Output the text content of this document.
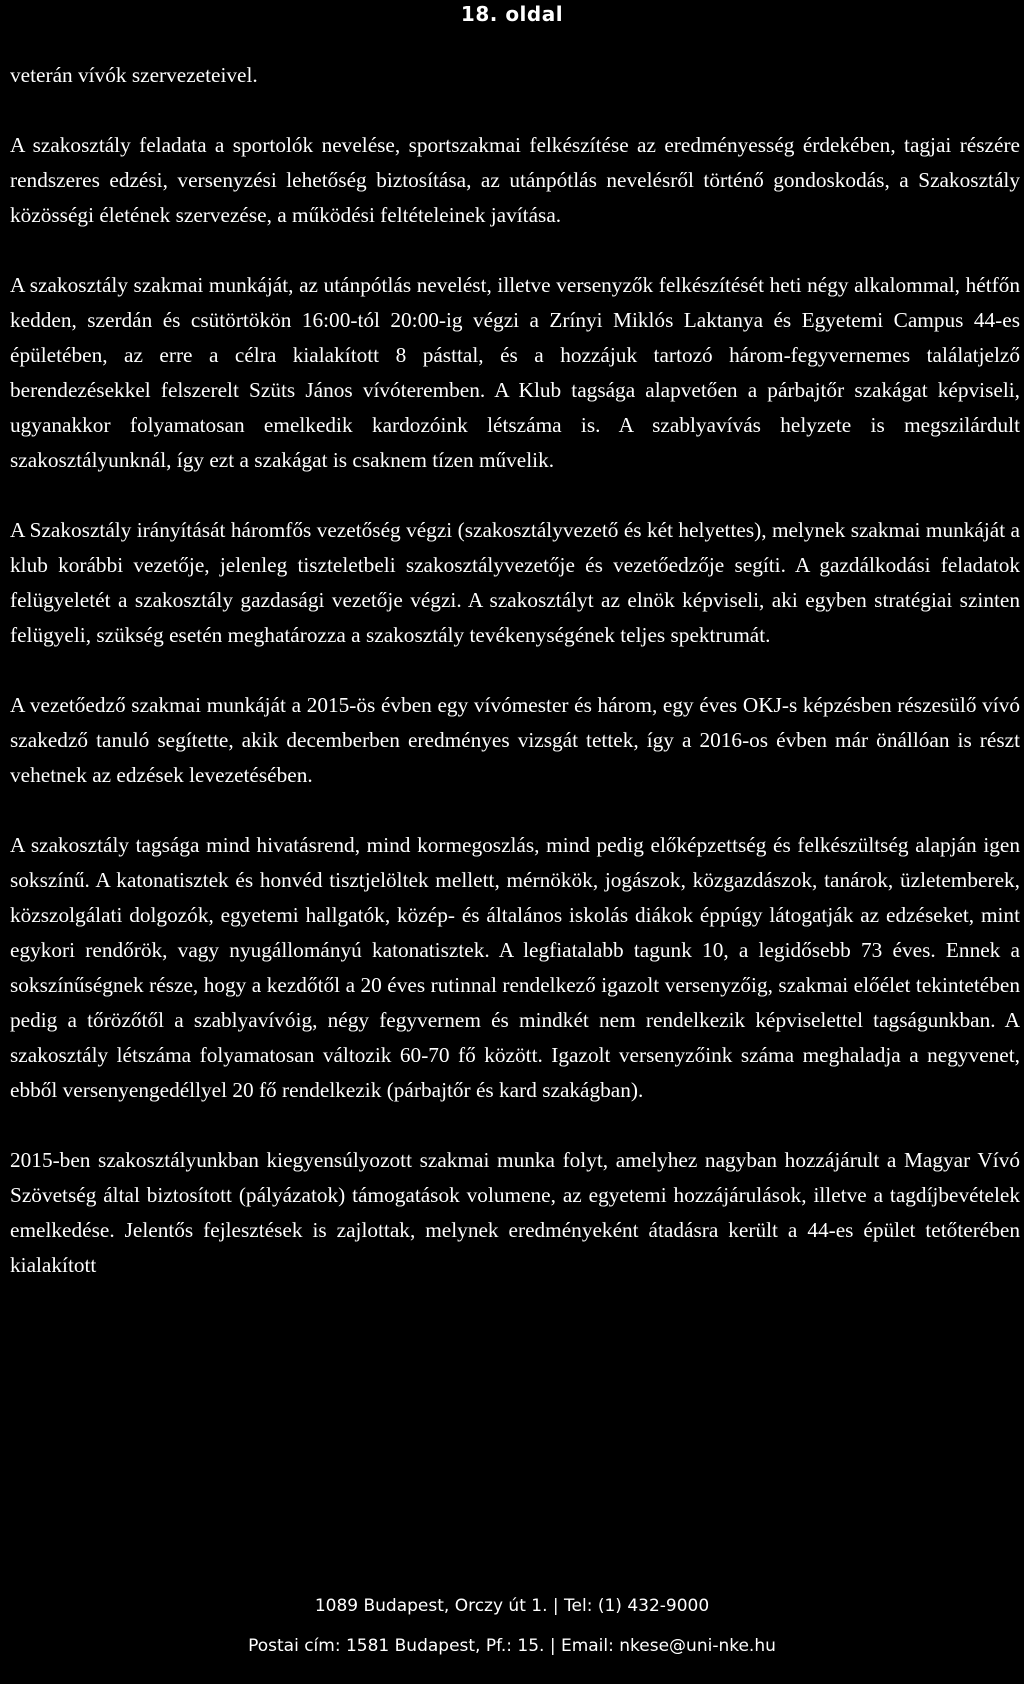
18. oldal

veterán vívók szervezeteivel.

A szakosztály feladata a sportolók nevelése, sportszakmai felkészítése az eredményesség érdekében, tagjai részére rendszeres edzési, versenyzési lehetőség biztosítása, az utánpótlás nevelésről történő gondoskodás, a Szakosztály közösségi életének szervezése, a működési feltételeinek javítása.

A szakosztály szakmai munkáját, az utánpótlás nevelést, illetve versenyzők felkészítését heti négy alkalommal, hétfőn kedden, szerdán és csütörtökön 16:00-tól 20:00-ig végzi a Zrínyi Miklós Laktanya és Egyetemi Campus 44-es épületében, az erre a célra kialakított 8 pásttal, és a hozzájuk tartozó három-fegyvernemes találatjelző berendezésekkel felszerelt Szüts János vívóteremben. A Klub tagsága alapvetően a párbajtőr szakágat képviseli, ugyanakkor folyamatosan emelkedik kardozóink létszáma is. A szablyavívás helyzete is megszilárdult szakosztályunknál, így ezt a szakágat is csaknem tízen művelik.

A Szakosztály irányítását háromfős vezetőség végzi (szakosztályvezető és két helyettes), melynek szakmai munkáját a klub korábbi vezetője, jelenleg tiszteletbeli szakosztályvezetője és vezetőedzője segíti. A gazdálkodási feladatok felügyeletét a szakosztály gazdasági vezetője végzi. A szakosztályt az elnök képviseli, aki egyben stratégiai szinten felügyeli, szükség esetén meghatározza a szakosztály tevékenységének teljes spektrumát.

A vezetőedző szakmai munkáját a 2015-ös évben egy vívómester és három, egy éves OKJ-s képzésben részesülő vívó szakedző tanuló segítette, akik decemberben eredményes vizsgát tettek, így a 2016-os évben már önállóan is részt vehetnek az edzések levezetésében.

A szakosztály tagsága mind hivatásrend, mind kormegoszlás, mind pedig előképzettség és felkészültség alapján igen sokszínű. A katonatisztek és honvéd tisztjelöltek mellett, mérnökök, jogászok, közgazdászok, tanárok, üzletemberek, közszolgálati dolgozók, egyetemi hallgatók, közép- és általános iskolás diákok éppúgy látogatják az edzéseket, mint egykori rendőrök, vagy nyugállományú katonatisztek. A legfiatalabb tagunk 10, a legidősebb 73 éves. Ennek a sokszínűségnek része, hogy a kezdőtől a 20 éves rutinnal rendelkező igazolt versenyzőig, szakmai előélet tekintetében pedig a tőrözőtől a szablyavívóig, négy fegyvernem és mindkét nem rendelkezik képviselettel tagságunkban. A szakosztály létszáma folyamatosan változik 60-70 fő között. Igazolt versenyzőink száma meghaladja a negyvenet, ebből versenyengedéllyel 20 fő rendelkezik (párbajtőr és kard szakágban).

2015-ben szakosztályunkban kiegyensúlyozott szakmai munka folyt, amelyhez nagyban hozzájárult a Magyar Vívó Szövetség által biztosított (pályázatok) támogatások volumene, az egyetemi hozzájárulások, illetve a tagdíjbevételek emelkedése. Jelentős fejlesztések is zajlottak, melynek eredményeként átadásra került a 44-es épület tetőterében kialakított

1089 Budapest, Orczy út 1. | Tel: (1) 432-9000
Postai cím: 1581 Budapest, Pf.: 15. | Email: nkese@uni-nke.hu
